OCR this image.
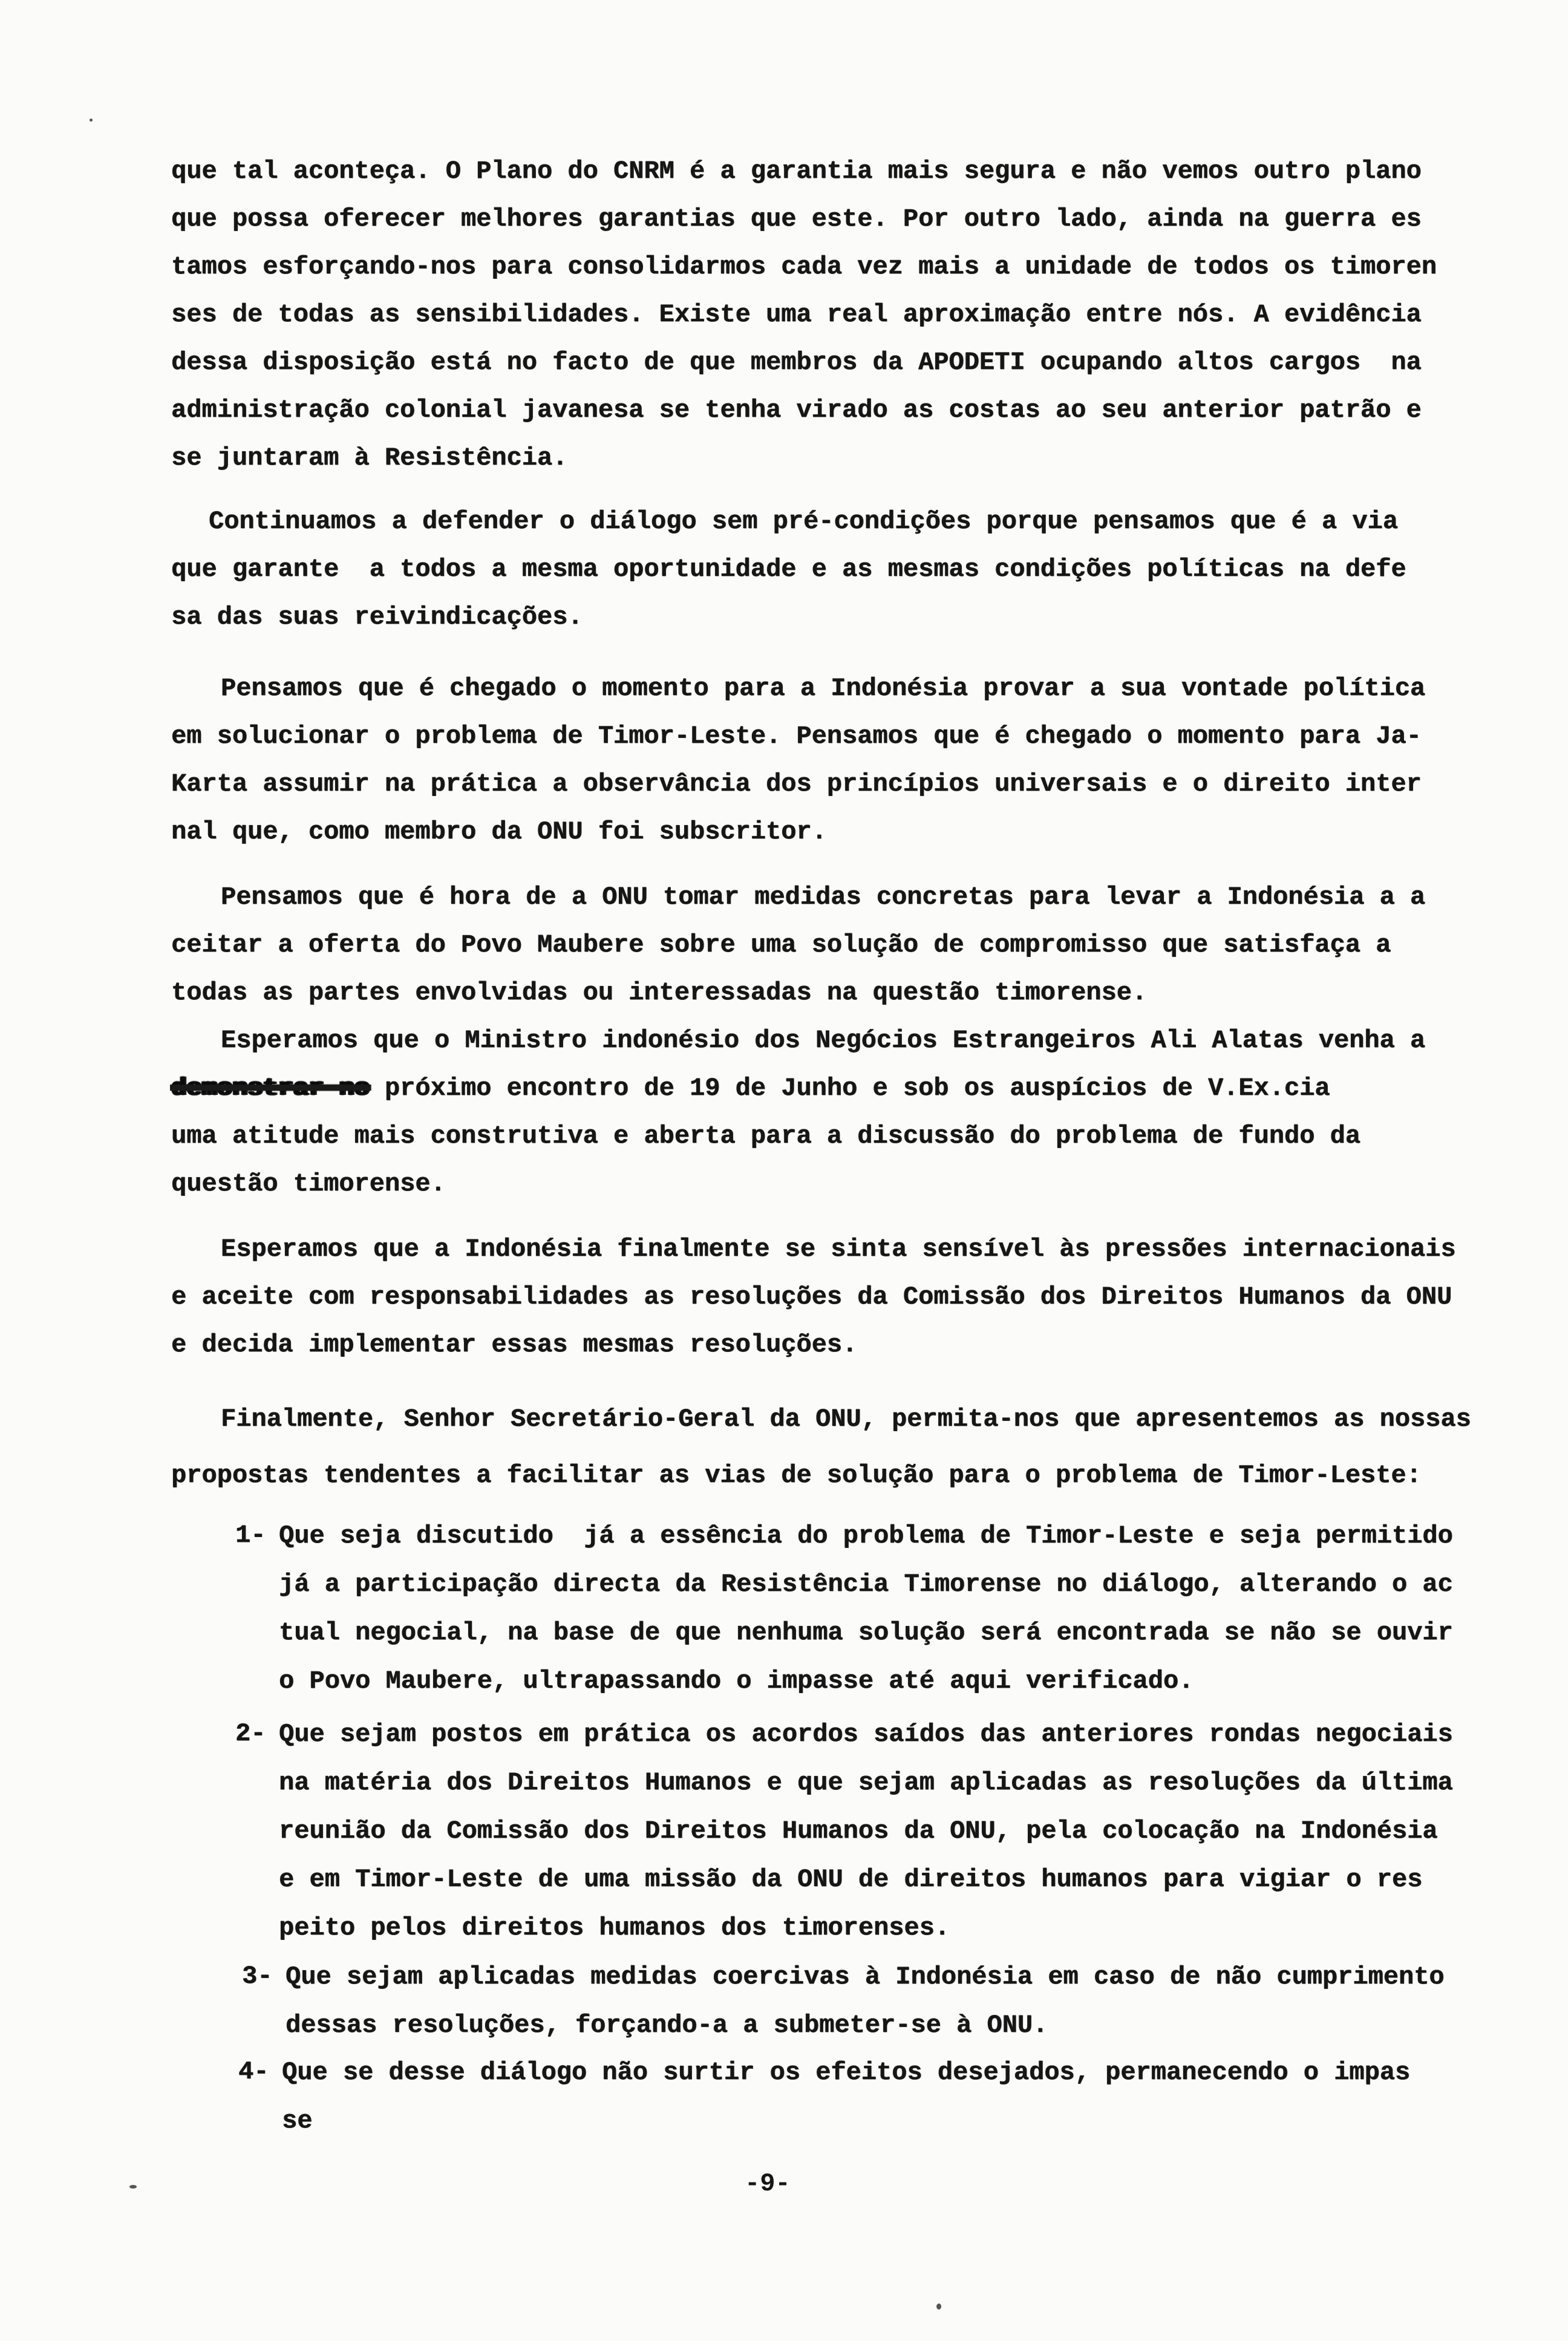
que tal aconteça. O Plano do CNRM é a garantia mais segura e não vemos outro plano
que possa oferecer melhores garantias que este. Por outro lado, ainda na guerra es
tamos esforçando-nos para consolidarmos cada vez mais a unidade de todos os timoren
ses de todas as sensibilidades. Existe uma real aproximação entre nós. A evidência
dessa disposição está no facto de que membros da APODETI ocupando altos cargos  na
administração colonial javanesa se tenha virado as costas ao seu anterior patrão e
se juntaram à Resistência.
Continuamos a defender o diálogo sem pré-condições porque pensamos que é a via
que garante  a todos a mesma oportunidade e as mesmas condições políticas na defe
sa das suas reivindicações.
Pensamos que é chegado o momento para a Indonésia provar a sua vontade política
em solucionar o problema de Timor-Leste. Pensamos que é chegado o momento para Ja-
Karta assumir na prática a observância dos princípios universais e o direito inter
nal que, como membro da ONU foi subscritor.
Pensamos que é hora de a ONU tomar medidas concretas para levar a Indonésia a a
ceitar a oferta do Povo Maubere sobre uma solução de compromisso que satisfaça a
todas as partes envolvidas ou interessadas na questão timorense.
Esperamos que o Ministro indonésio dos Negócios Estrangeiros Ali Alatas venha a
demonstrar no próximo encontro de 19 de Junho e sob os auspícios de V.Ex.cia
uma atitude mais construtiva e aberta para a discussão do problema de fundo da
questão timorense.
Esperamos que a Indonésia finalmente se sinta sensível às pressões internacionais
e aceite com responsabilidades as resoluções da Comissão dos Direitos Humanos da ONU
e decida implementar essas mesmas resoluções.
Finalmente, Senhor Secretário-Geral da ONU, permita-nos que apresentemos as nossas
propostas tendentes a facilitar as vias de solução para o problema de Timor-Leste:
1- Que seja discutido  já a essência do problema de Timor-Leste e seja permitido
já a participação directa da Resistência Timorense no diálogo, alterando o ac
tual negocial, na base de que nenhuma solução será encontrada se não se ouvir
o Povo Maubere, ultrapassando o impasse até aqui verificado.
2- Que sejam postos em prática os acordos saídos das anteriores rondas negociais
na matéria dos Direitos Humanos e que sejam aplicadas as resoluções da última
reunião da Comissão dos Direitos Humanos da ONU, pela colocação na Indonésia
e em Timor-Leste de uma missão da ONU de direitos humanos para vigiar o res
peito pelos direitos humanos dos timorenses.
3- Que sejam aplicadas medidas coercivas à Indonésia em caso de não cumprimento
dessas resoluções, forçando-a a submeter-se à ONU.
4- Que se desse diálogo não surtir os efeitos desejados, permanecendo o impas
se
-9-
